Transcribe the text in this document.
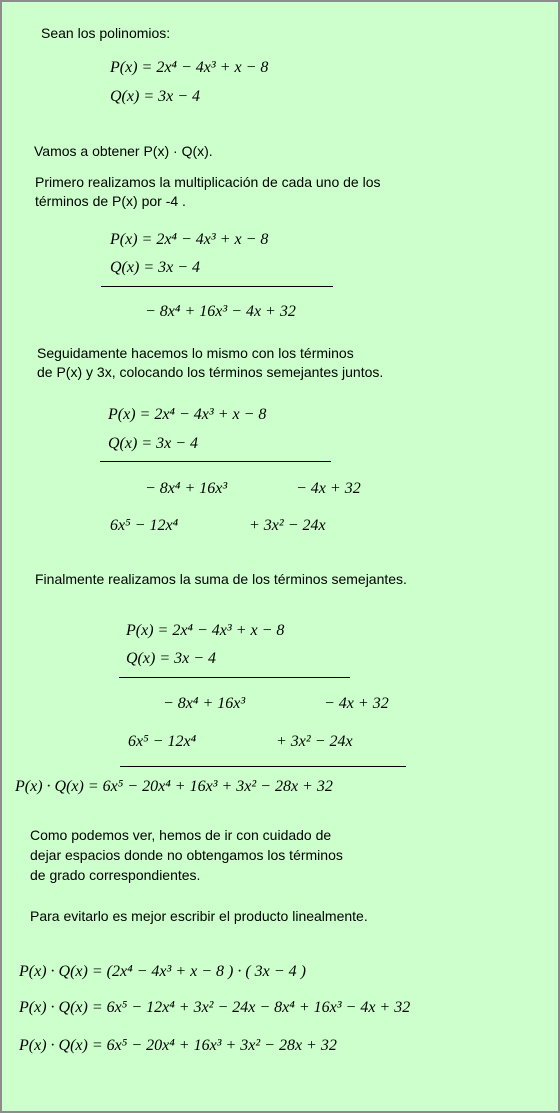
Sean los polinomios:
P(x) = 2x⁴ − 4x³ + x − 8
Q(x) = 3x − 4
Vamos a obtener P(x) · Q(x).
Primero realizamos la multiplicación de cada uno de los
términos de P(x) por -4 .
P(x) = 2x⁴ − 4x³ + x − 8
Q(x) = 3x − 4
− 8x⁴ + 16x³ − 4x + 32
Seguidamente hacemos lo mismo con los términos
de P(x) y 3x, colocando los términos semejantes juntos.
P(x) = 2x⁴ − 4x³ + x − 8
Q(x) = 3x − 4
− 8x⁴ + 16x³	− 4x + 32
6x⁵ − 12x⁴	+ 3x² − 24x
Finalmente realizamos la suma de los términos semejantes.
P(x) = 2x⁴ − 4x³ + x − 8
Q(x) = 3x − 4
− 8x⁴ + 16x³	− 4x + 32
6x⁵ − 12x⁴	+ 3x² − 24x
P(x) · Q(x) = 6x⁵ − 20x⁴ + 16x³ + 3x² − 28x + 32
Como podemos ver, hemos de ir con cuidado de
dejar espacios donde no obtengamos los términos
de grado correspondientes.
Para evitarlo es mejor escribir el producto linealmente.
P(x) · Q(x) = (2x⁴ − 4x³ + x − 8 ) · ( 3x − 4 )
P(x) · Q(x) = 6x⁵ − 12x⁴ + 3x² − 24x − 8x⁴ + 16x³ − 4x + 32
P(x) · Q(x) = 6x⁵ − 20x⁴ + 16x³ + 3x² − 28x + 32
